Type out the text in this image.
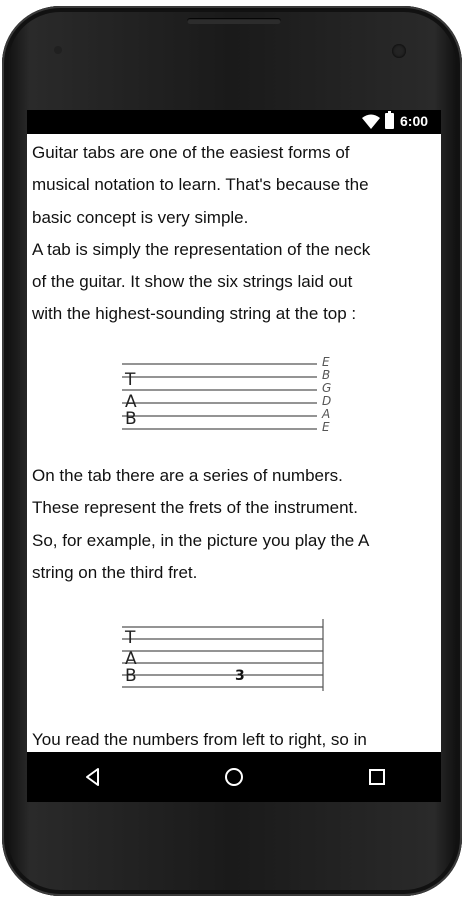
6:00
Guitar tabs are one of the easiest forms of
musical notation to learn. That's because the
basic concept is very simple.
A tab is simply the representation of the neck
of the guitar. It show the six strings laid out
with the highest-sounding string at the top :
T
A
B
E
B
G
D
A
E
On the tab there are a series of numbers.
These represent the frets of the instrument.
So, for example, in the picture you play the A
string on the third fret.
T
A
B	3
You read the numbers from left to right, so in
